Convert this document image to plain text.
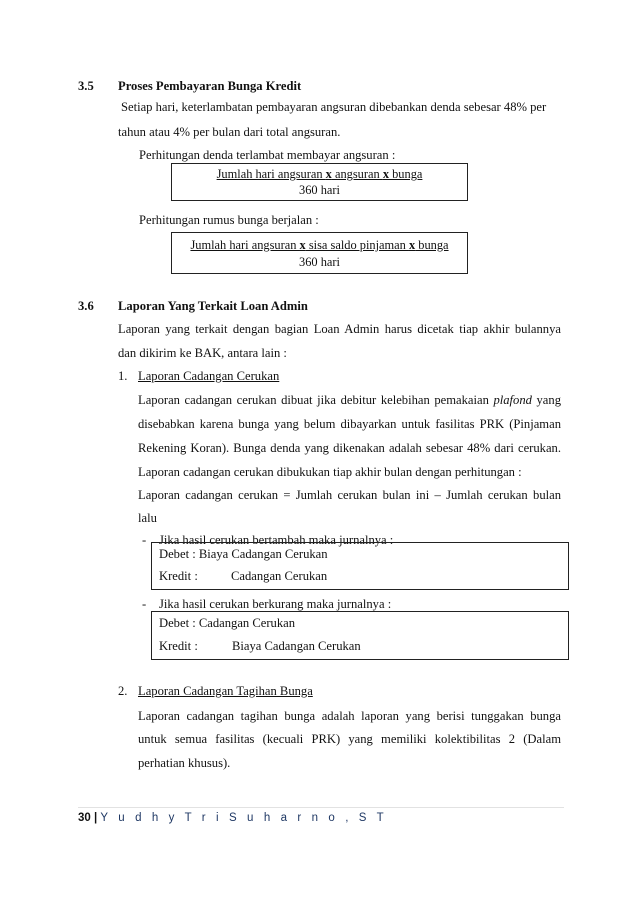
3.5 Proses Pembayaran Bunga Kredit
Setiap hari, keterlambatan pembayaran angsuran dibebankan denda sebesar 48% per
tahun atau 4% per bulan dari total angsuran.
Perhitungan denda terlambat membayar angsuran :
Jumlah hari angsuran x angsuran x bunga
360 hari
Perhitungan rumus bunga berjalan :
Jumlah hari angsuran x sisa saldo pinjaman x bunga
360 hari
3.6 Laporan Yang Terkait Loan Admin
Laporan yang terkait dengan bagian Loan Admin harus dicetak tiap akhir bulannya
dan dikirim ke BAK, antara lain :
1. Laporan Cadangan Cerukan
Laporan cadangan cerukan dibuat jika debitur kelebihan pemakaian plafond yang
disebabkan karena bunga yang belum dibayarkan untuk fasilitas PRK (Pinjaman
Rekening Koran). Bunga denda yang dikenakan adalah sebesar 48% dari cerukan.
Laporan cadangan cerukan dibukukan tiap akhir bulan dengan perhitungan :
Laporan cadangan cerukan = Jumlah cerukan bulan ini – Jumlah cerukan bulan
lalu
- Jika hasil cerukan bertambah maka jurnalnya :
Debet : Biaya Cadangan Cerukan
Kredit :	Cadangan Cerukan
- Jika hasil cerukan berkurang maka jurnalnya :
Debet : Cadangan Cerukan
Kredit :	Biaya Cadangan Cerukan
2. Laporan Cadangan Tagihan Bunga
Laporan cadangan tagihan bunga adalah laporan yang berisi tunggakan bunga
untuk semua fasilitas (kecuali PRK) yang memiliki kolektibilitas 2 (Dalam
perhatian khusus).
30 | Y u d h y T r i S u h a r n o , S T
